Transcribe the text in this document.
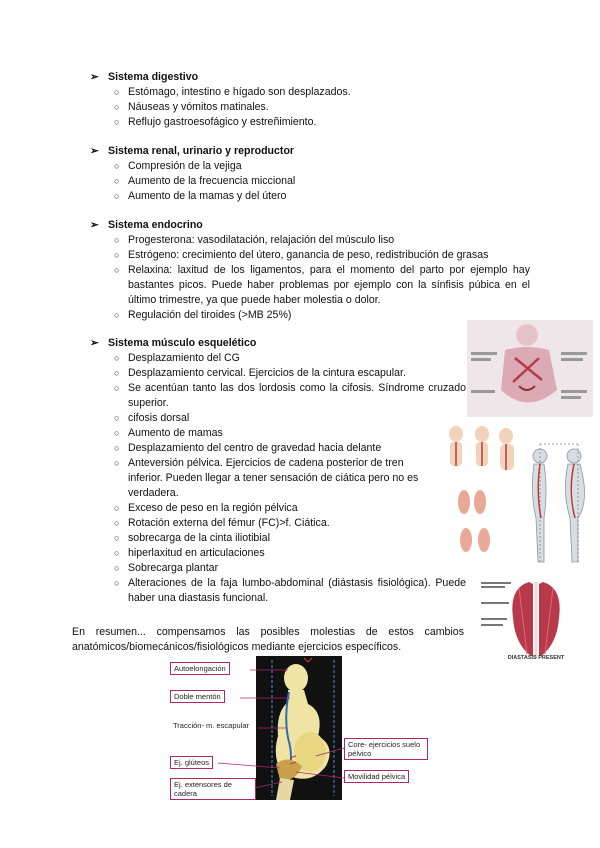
➢ Sistema digestivo
○ Estómago, intestino e hígado son desplazados.
○ Náuseas y vómitos matinales.
○ Reflujo gastroesofágico y estreñimiento.
➢ Sistema renal, urinario y reproductor
○ Compresión de la vejiga
○ Aumento de la frecuencia miccional
○ Aumento de la mamas y del útero
➢ Sistema endocrino
○ Progesterona: vasodilatación, relajación del músculo liso
○ Estrógeno: crecimiento del útero, ganancia de peso, redistribución de grasas
○ Relaxina: laxitud de los ligamentos, para el momento del parto por ejemplo hay bastantes picos. Puede haber problemas por ejemplo con la sínfisis púbica en el último trimestre, ya que puede haber molestia o dolor.
○ Regulación del tiroides (>MB 25%)
➢ Sistema músculo esquelético
○ Desplazamiento del CG
○ Desplazamiento cervical. Ejercicios de la cintura escapular.
○ Se acentúan tanto las dos lordosis como la cifosis. Síndrome cruzado superior.
○ cifosis dorsal
○ Aumento de mamas
○ Desplazamiento del centro de gravedad hacia delante
○ Anteversión pélvica. Ejercicios de cadena posterior de tren inferior. Pueden llegar a tener sensación de ciática pero no es verdadera.
○ Exceso de peso en la región pélvica
○ Rotación externa del fémur (FC)>f. Ciática.
○ sobrecarga de la cinta iliotibial
○ hiperlaxitud en articulaciones
○ Sobrecarga plantar
○ Alteraciones de la faja lumbo-abdominal (diástasis fisiológica). Puede haber una diastasis funcional.

En resumen... compensamos las posibles molestias de estos cambios anatómicos/biomecánicos/fisiológicos mediante ejercicios específicos.

DIASTASIS PRESENT
Autoelongación
Doble mentón
Tracción- m. escapular
Ej. glúteos
Ej. extensores de cadera
Core- ejercicios suelo pélvico
Movilidad pélvica
